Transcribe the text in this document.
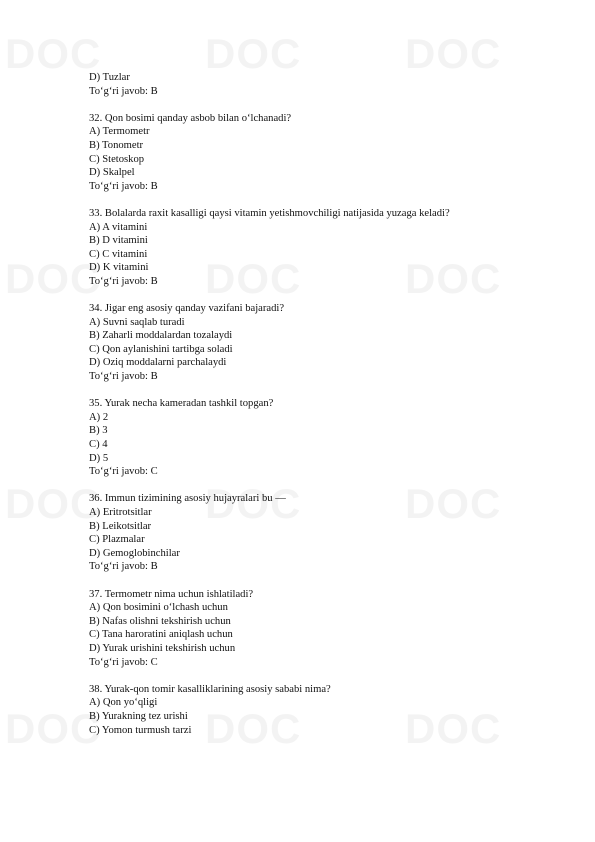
D) Tuzlar
To‘g‘ri javob: B
32. Qon bosimi qanday asbob bilan o‘lchanadi?
A) Termometr
B) Tonometr
C) Stetoskop
D) Skalpel
To‘g‘ri javob: B
33. Bolalarda raxit kasalligi qaysi vitamin yetishmovchiligi natijasida yuzaga keladi?
A) A vitamini
B) D vitamini
C) C vitamini
D) K vitamini
To‘g‘ri javob: B
34. Jigar eng asosiy qanday vazifani bajaradi?
A) Suvni saqlab turadi
B) Zaharli moddalardan tozalaydi
C) Qon aylanishini tartibga soladi
D) Oziq moddalarni parchalaydi
To‘g‘ri javob: B
35. Yurak necha kameradan tashkil topgan?
A) 2
B) 3
C) 4
D) 5
To‘g‘ri javob: C
36. Immun tizimining asosiy hujayralari bu —
A) Eritrotsitlar
B) Leikotsitlar
C) Plazmalar
D) Gemoglobinchilar
To‘g‘ri javob: B
37. Termometr nima uchun ishlatiladi?
A) Qon bosimini o‘lchash uchun
B) Nafas olishni tekshirish uchun
C) Tana haroratini aniqlash uchun
D) Yurak urishini tekshirish uchun
To‘g‘ri javob: C
38. Yurak-qon tomir kasalliklarining asosiy sababi nima?
A) Qon yo‘qligi
B) Yurakning tez urishi
C) Yomon turmush tarzi
